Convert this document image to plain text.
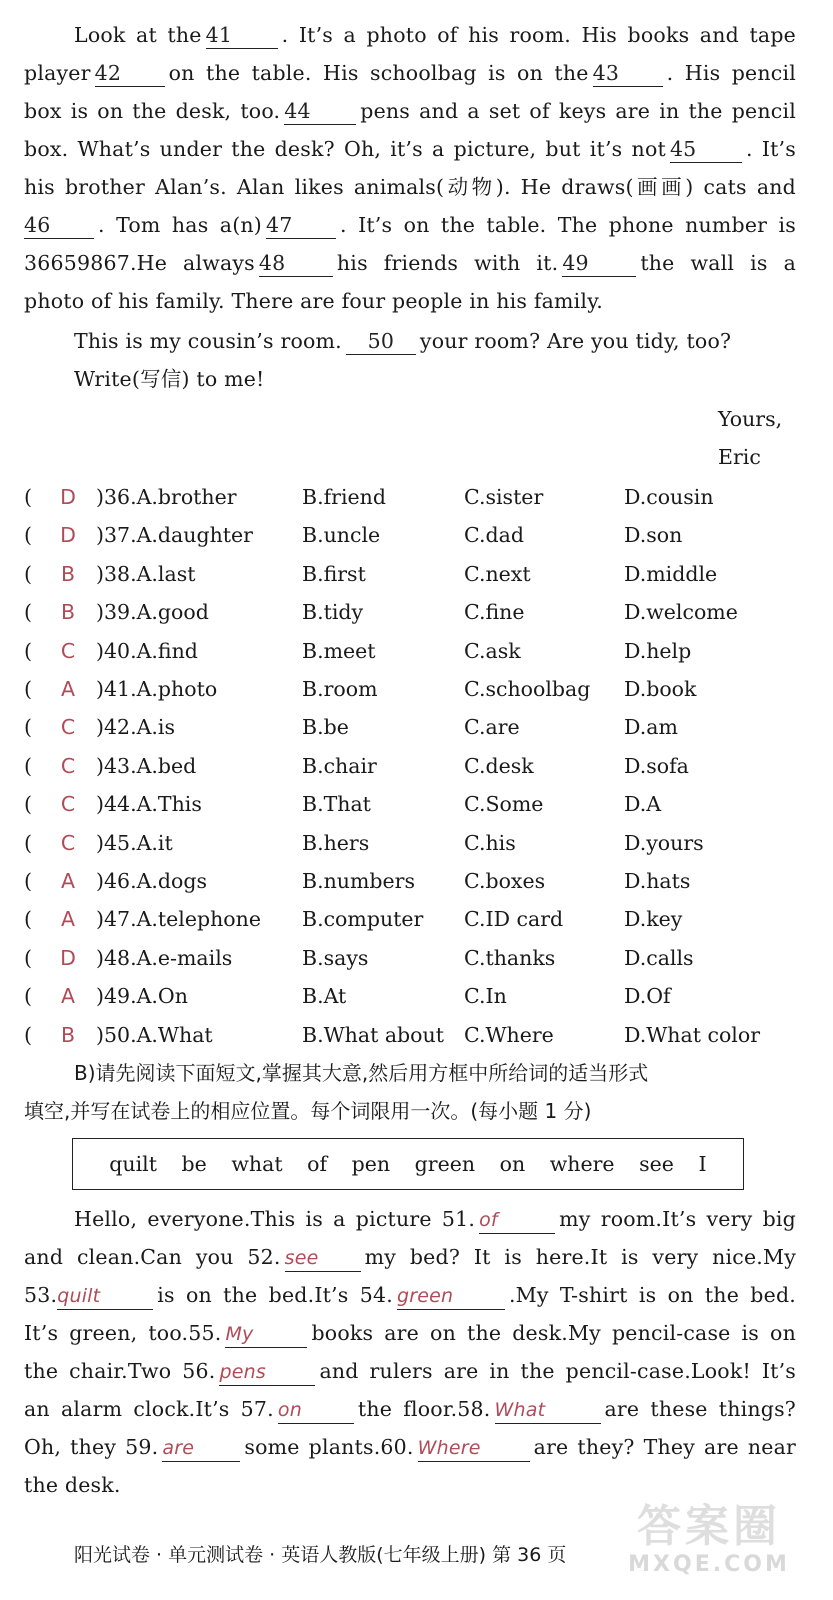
Look at the 41 . It’s a photo of his room. His books and tape
player 42 on the table. His schoolbag is on the 43 . His pencil
box is on the desk, too. 44 pens and a set of keys are in the pencil
box. What’s under the desk? Oh, it’s a picture, but it’s not 45 . It’s
his brother Alan’s. Alan likes animals(动物). He draws(画画) cats and
46 . Tom has a(n) 47 . It’s on the table. The phone number is
36659867.He always 48	his friends with it. 49	the wall is a
photo of his family. There are four people in his family.
This is my cousin’s room. 50 your room? Are you tidy, too?
Write(写信) to me!
Yours,
Eric
( D )36.A.brother	B.friend	C.sister	D.cousin
( D )37.A.daughter B.uncle	C.dad	D.son
(	B	)38.A.last	B.first	C.next	D.middle
(	B	)39.A.good	B.tidy	C.fine	D.welcome
(	C	)40.A.find	B.meet	C.ask	D.help
(	A	)41.A.photo	B.room	C.schoolbag D.book
(	C	)42.A.is	B.be	C.are	D.am
(	C	)43.A.bed	B.chair	C.desk	D.sofa
(	C	)44.A.This	B.That	C.Some	D.A
(	C	)45.A.it	B.hers	C.his	D.yours
(	A	)46.A.dogs	B.numbers C.boxes	D.hats
(	A	)47.A.telephone B.computer C.ID card	D.key
( D )48.A.e-mails	B.says	C.thanks	D.calls
(	A	)49.A.On	B.At	C.In	D.Of
(	B	)50.A.What	B.What about C.Where	D.What color
B)请先阅读下面短文,掌握其大意,然后用方框中所给词的适当形式
填空,并写在试卷上的相应位置。每个词限用一次。(每小题 1 分)
quilt be what of pen green on where see I
Hello, everyone.This is a picture 51. of	my room.It’s very big
and clean.Can you 52. see my bed? It is here.It is very nice.My
53.quilt	is on the bed.It’s 54. green	.My T-shirt is on the bed.
It’s green, too.55. My	books are on the desk.My pencil-case is on
the chair.Two 56. pens	and rulers are in the pencil-case.Look! It’s
an alarm clock.It’s 57. on	the floor.58. What	are these things?
Oh, they 59. are some plants.60. Where	are they? They are near
the desk.
阳光试卷 · 单元测试卷 · 英语人教版(七年级上册) 第 36 页
答案圈
MXQE.COM
